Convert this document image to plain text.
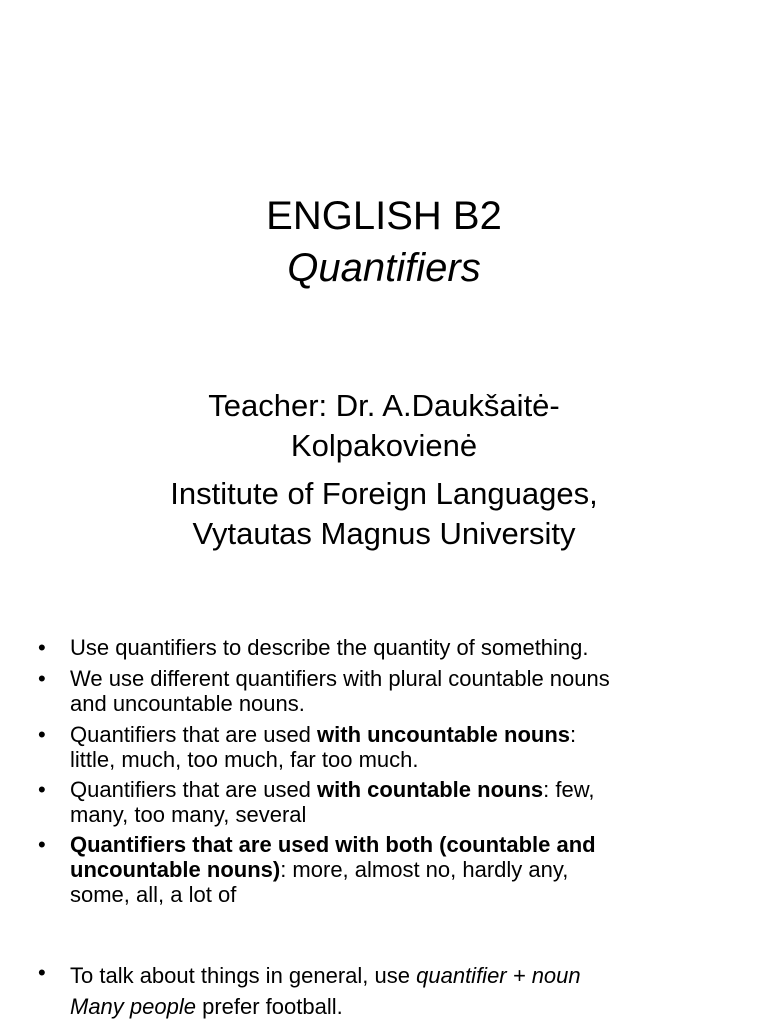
ENGLISH B2
Quantifiers
Teacher: Dr. A.Daukšaitė-
Kolpakovienė
Institute of Foreign Languages,
Vytautas Magnus University
•	Use quantifiers to describe the quantity of something.
•	We use different quantifiers with plural countable nouns
and uncountable nouns.
•	Quantifiers that are used with uncountable nouns:
little, much, too much, far too much.
•	Quantifiers that are used with countable nouns: few,
many, too many, several
•	Quantifiers that are used with both (countable and
uncountable nouns): more, almost no, hardly any,
some, all, a lot of
•	To talk about things in general, use quantifier + noun
Many people prefer football.
